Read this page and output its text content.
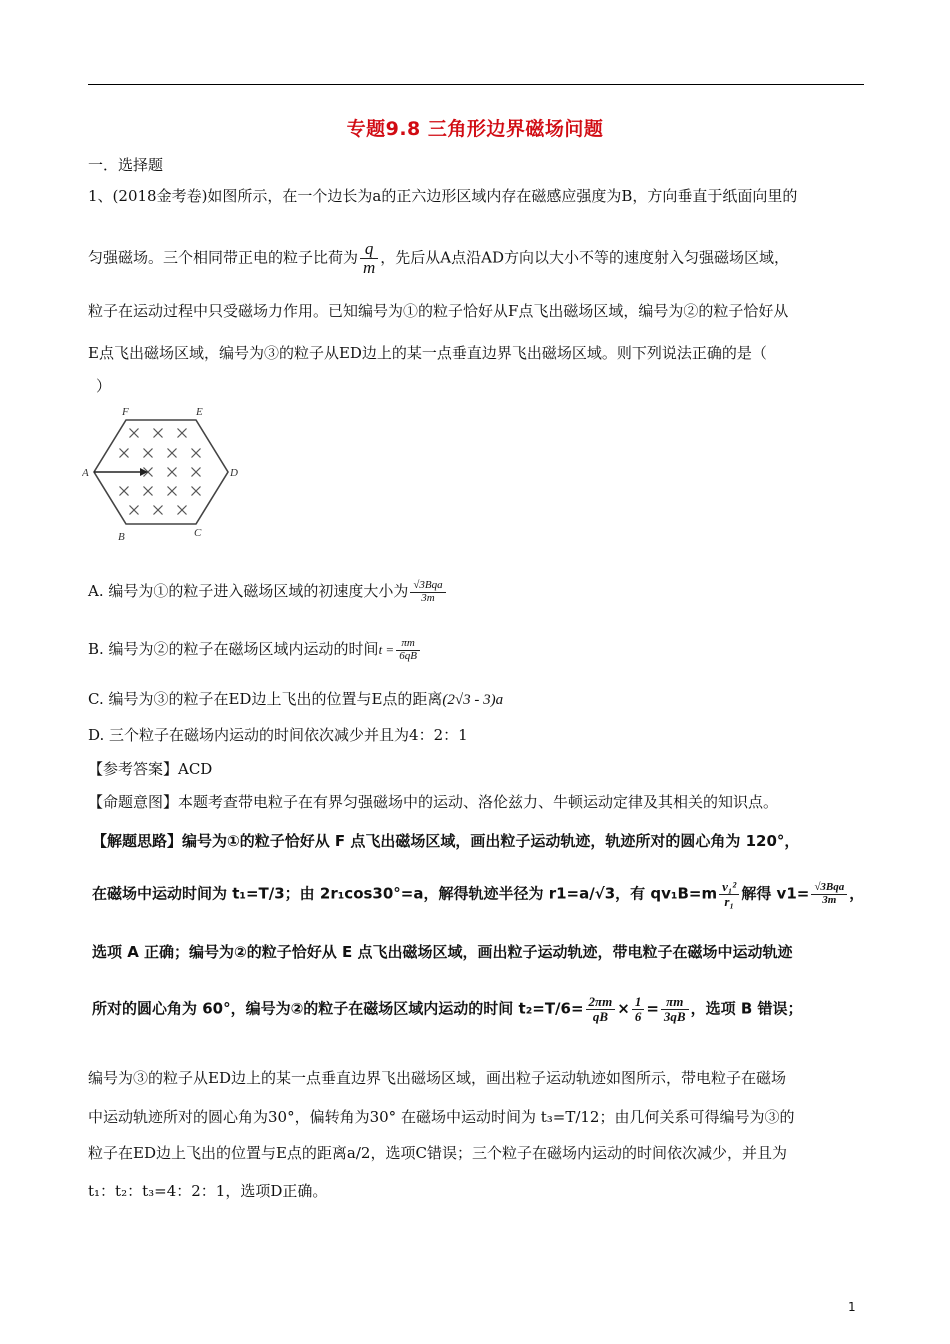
专题9.8 三角形边界磁场问题
一．选择题
1、(2018金考卷)如图所示，在一个边长为a的正六边形区域内存在磁感应强度为B，方向垂直于纸面向里的
匀强磁场。三个相同带正电的粒子比荷为 $\frac{q}{m}$ ，先后从A点沿AD方向以大小不等的速度射入匀强磁场区域，
粒子在运动过程中只受磁场力作用。已知编号为①的粒子恰好从F点飞出磁场区域，编号为②的粒子恰好从
E点飞出磁场区域，编号为③的粒子从ED边上的某一点垂直边界飞出磁场区域。则下列说法正确的是（
）
F	E
A	D
B	C
A. 编号为①的粒子进入磁场区域的初速度大小为 $\frac{\text{√3Bqa}}{3m}$
B. 编号为②的粒子在磁场区域内运动的时间$t = \frac{\pi m}{6qB}$
C. 编号为③的粒子在ED边上飞出的位置与E点的距离(2√3 - 3)a
D. 三个粒子在磁场内运动的时间依次减少并且为4：2：1
【参考答案】ACD
【命题意图】本题考查带电粒子在有界匀强磁场中的运动、洛伦兹力、牛顿运动定律及其相关的知识点。
【解题思路】编号为①的粒子恰好从 F 点飞出磁场区域，画出粒子运动轨迹，轨迹所对的圆心角为 120°，
在磁场中运动时间为 t₁=T/3；由 2r₁cos30°=a，解得轨迹半径为 r1=a/√3，有 $qv_1B=m \frac{\text{v₁²}}{\text{r₁}}$ 解得 $v1= \frac{\text{√3Bqa}}{3m}$ ，
选项 A 正确；编号为②的粒子恰好从 E 点飞出磁场区域，画出粒子运动轨迹，带电粒子在磁场中运动轨迹
所对的圆心角为 60°，编号为②的粒子在磁场区域内运动的时间 $t_2=T/6= \frac{2\pi m}{qB} \times \frac{1}{6} = \frac{\pi m}{3qB}$ ，选项 B 错误；
编号为③的粒子从ED边上的某一点垂直边界飞出磁场区域，画出粒子运动轨迹如图所示，带电粒子在磁场
中运动轨迹所对的圆心角为30°，偏转角为30° 在磁场中运动时间为 t₃=T/12；由几何关系可得编号为③的
粒子在ED边上飞出的位置与E点的距离a/2，选项C错误；三个粒子在磁场内运动的时间依次减少，并且为
t₁：t₂：t₃=4：2：1，选项D正确。
1
